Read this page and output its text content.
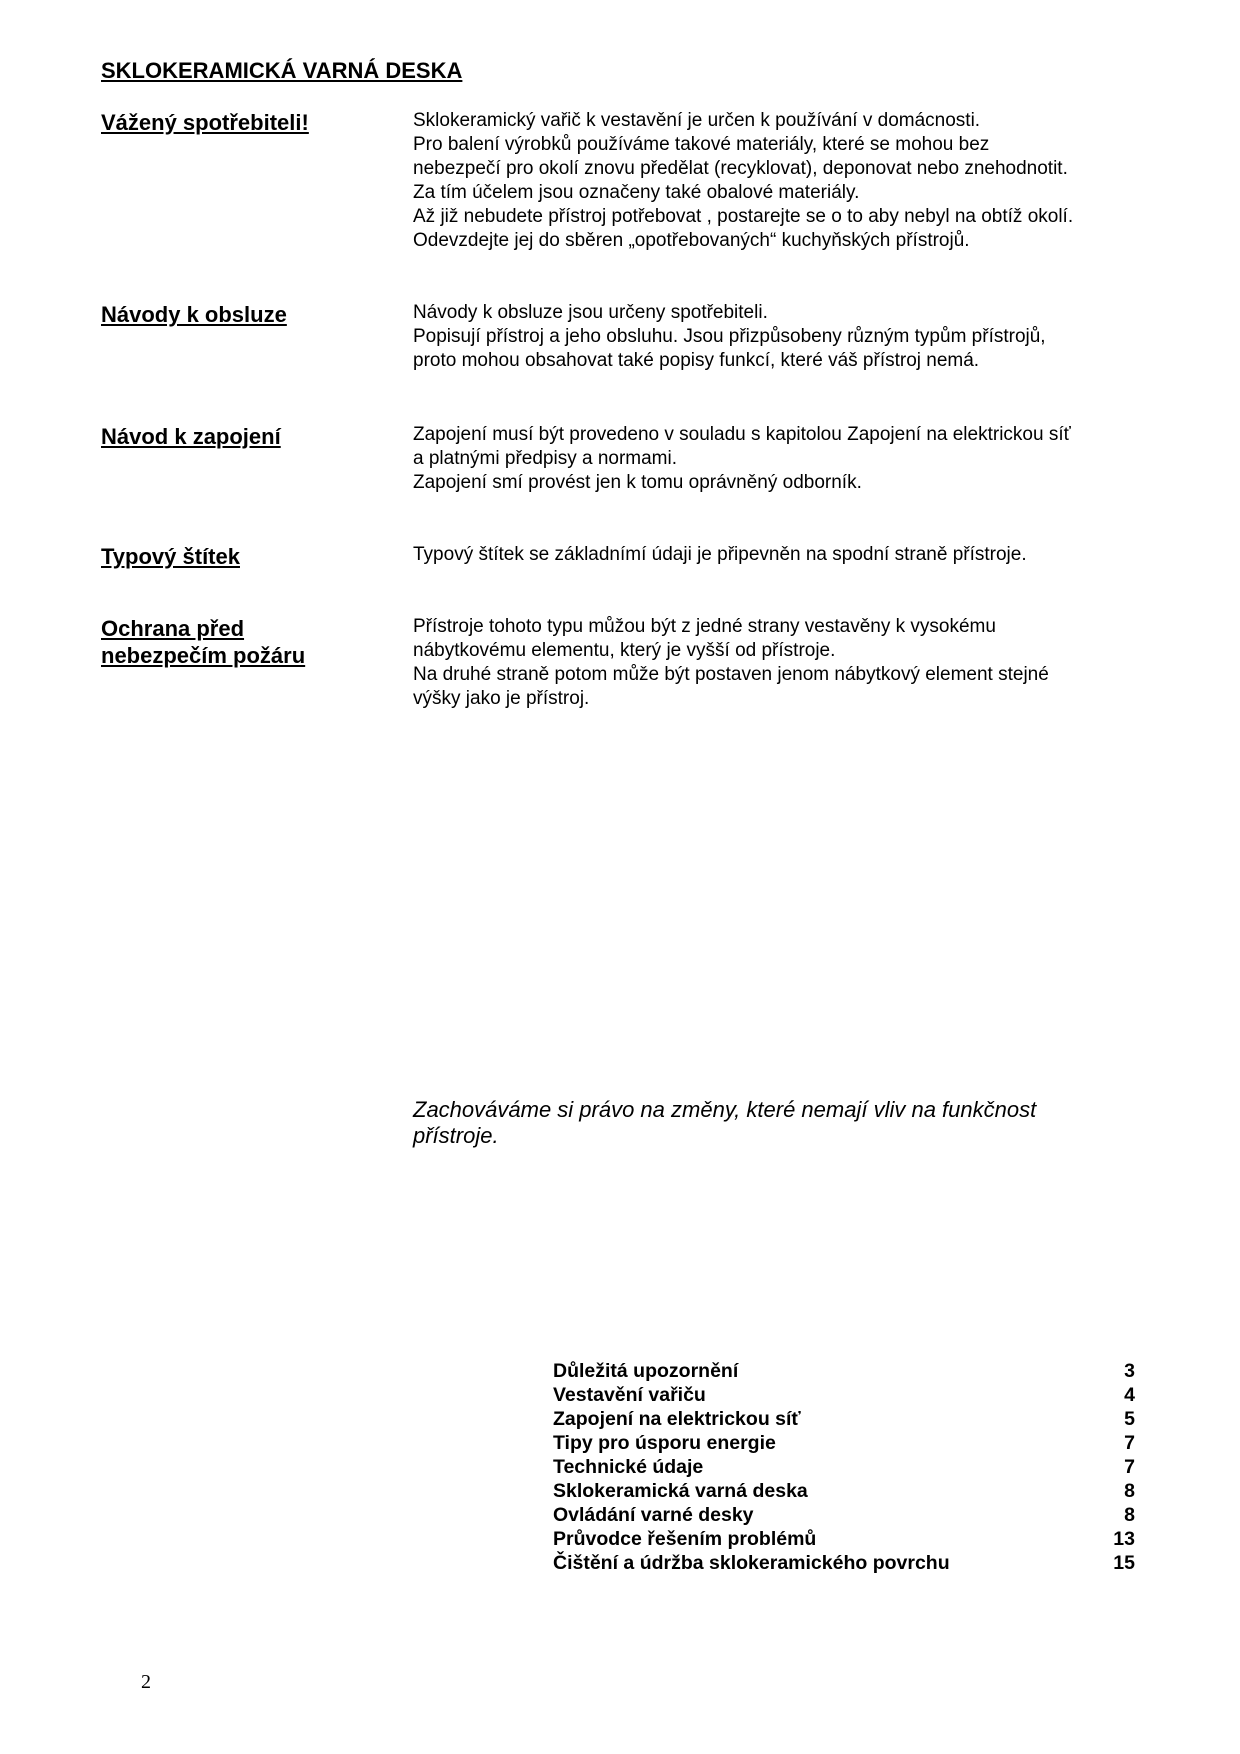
SKLOKERAMICKÁ VARNÁ DESKA
Vážený spotřebiteli!	Sklokeramický vařič k vestavění je určen k používání v domácnosti.
Pro balení výrobků používáme takové materiály, které se mohou bez
nebezpečí pro okolí znovu předělat (recyklovat), deponovat nebo znehodnotit.
Za tím účelem jsou označeny také obalové materiály.
Až již nebudete přístroj potřebovat , postarejte se o to aby nebyl na obtíž okolí.
Odevzdejte jej do sběren „opotřebovaných“ kuchyňských přístrojů.
Návody k obsluze	Návody k obsluze jsou určeny spotřebiteli.
Popisují přístroj a jeho obsluhu. Jsou přizpůsobeny různým typům přístrojů,
proto mohou obsahovat také popisy funkcí, které váš přístroj nemá.
Návod k zapojení	Zapojení musí být provedeno v souladu s kapitolou Zapojení na elektrickou síť
a platnými předpisy a normami.
Zapojení smí provést jen k tomu oprávněný odborník.
Typový štítek	Typový štítek se základnímí údaji je připevněn na spodní straně přístroje.
Ochrana před
nebezpečím požáru
Přístroje tohoto typu můžou být z jedné strany vestavěny k vysokému
nábytkovému elementu, který je vyšší od přístroje.
Na druhé straně potom může být postaven jenom nábytkový element stejné
výšky jako je přístroj.
Zachováváme si právo na změny, které nemají vliv na funkčnost
přístroje.
Důležitá upozornění	3
Vestavění vařiču	4
Zapojení na elektrickou síť	5
Tipy pro úsporu energie	7
Technické údaje	7
Sklokeramická varná deska	8
Ovládání varné desky	8
Průvodce řešením problémů	13
Čištění a údržba sklokeramického povrchu	15
2
